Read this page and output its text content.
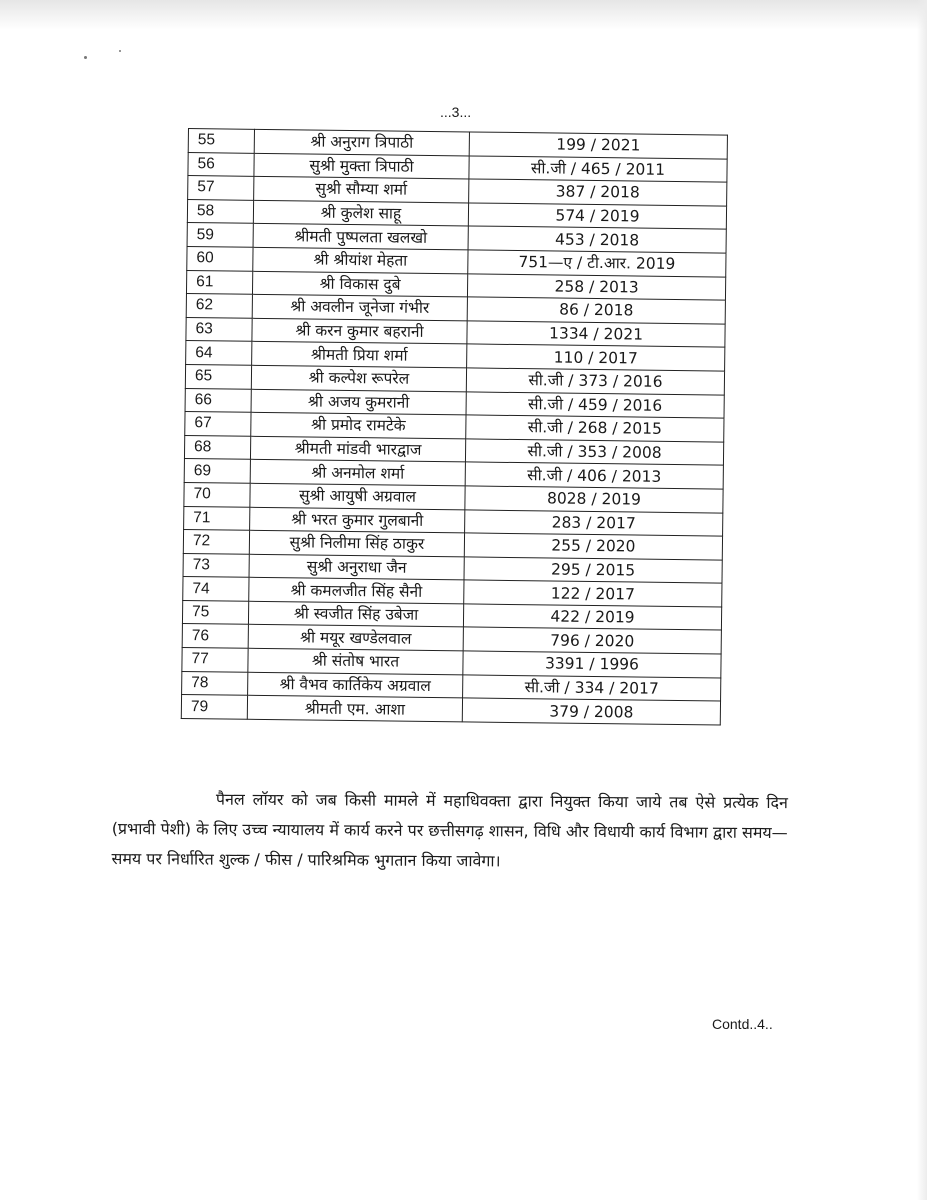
...3...
55	श्री अनुराग त्रिपाठी	199 / 2021
56	सुश्री मुक्ता त्रिपाठी	सी.जी / 465 / 2011
57	सुश्री सौम्या शर्मा	387 / 2018
58	श्री कुलेश साहू	574 / 2019
59	श्रीमती पुष्पलता खलखो	453 / 2018
60	श्री श्रीयांश मेहता	751—ए / टी.आर. 2019
61	श्री विकास दुबे	258 / 2013
62	श्री अवलीन जूनेजा गंभीर	86 / 2018
63	श्री करन कुमार बहरानी	1334 / 2021
64	श्रीमती प्रिया शर्मा	110 / 2017
65	श्री कल्पेश रूपरेल	सी.जी / 373 / 2016
66	श्री अजय कुमरानी	सी.जी / 459 / 2016
67	श्री प्रमोद रामटेके	सी.जी / 268 / 2015
68	श्रीमती मांडवी भारद्वाज	सी.जी / 353 / 2008
69	श्री अनमोल शर्मा	सी.जी / 406 / 2013
70	सुश्री आयुषी अग्रवाल	8028 / 2019
71	श्री भरत कुमार गुलबानी	283 / 2017
72	सुश्री निलीमा सिंह ठाकुर	255 / 2020
73	सुश्री अनुराधा जैन	295 / 2015
74	श्री कमलजीत सिंह सैनी	122 / 2017
75	श्री स्वजीत सिंह उबेजा	422 / 2019
76	श्री मयूर खण्डेलवाल	796 / 2020
77	श्री संतोष भारत	3391 / 1996
78	श्री वैभव कार्तिकेय अग्रवाल	सी.जी / 334 / 2017
79	श्रीमती एम. आशा	379 / 2008
पैनल लॉयर को जब किसी मामले में महाधिवक्ता द्वारा नियुक्त किया जाये तब ऐसे प्रत्येक दिन (प्रभावी पेशी) के लिए उच्च न्यायालय में कार्य करने पर छत्तीसगढ़ शासन, विधि और विधायी कार्य विभाग द्वारा समय—समय पर निर्धारित शुल्क / फीस / पारिश्रमिक भुगतान किया जावेगा।
Contd..4..
